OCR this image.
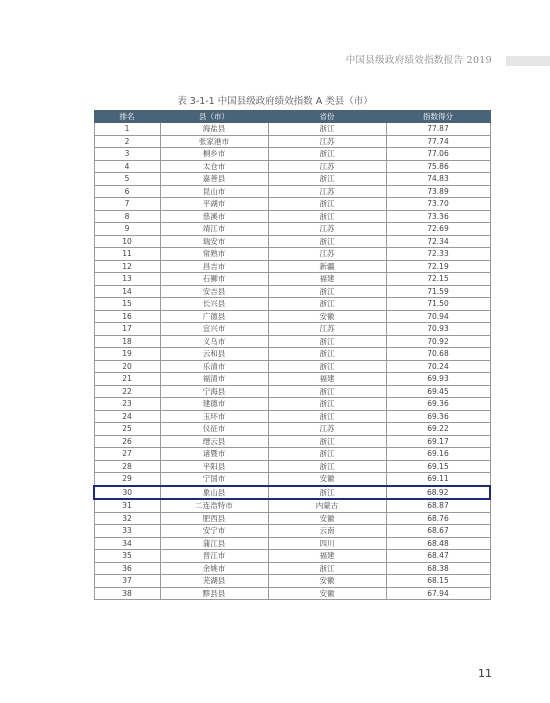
中国县级政府绩效指数报告 2019
表 3-1-1 中国县级政府绩效指数 A 类县（市）
排名	县（市）	省份	指数得分
1	海盐县	浙江	77.87
2	张家港市	江苏	77.74
3	桐乡市	浙江	77.06
4	太仓市	江苏	75.86
5	嘉善县	浙江	74.83
6	昆山市	江苏	73.89
7	平湖市	浙江	73.70
8	慈溪市	浙江	73.36
9	靖江市	江苏	72.69
10	瑞安市	浙江	72.34
11	常熟市	江苏	72.33
12	昌吉市	新疆	72.19
13	石狮市	福建	72.15
14	安吉县	浙江	71.59
15	长兴县	浙江	71.50
16	广德县	安徽	70.94
17	宜兴市	江苏	70.93
18	义乌市	浙江	70.92
19	云和县	浙江	70.68
20	乐清市	浙江	70.24
21	福清市	福建	69.93
22	宁海县	浙江	69.45
23	建德市	浙江	69.36
24	玉环市	浙江	69.36
25	仪征市	江苏	69.22
26	缙云县	浙江	69.17
27	诸暨市	浙江	69.16
28	平阳县	浙江	69.15
29	宁国市	安徽	69.11
30	象山县	浙江	68.92
31	二连浩特市	内蒙古	68.87
32	肥西县	安徽	68.76
33	安宁市	云南	68.67
34	蒲江县	四川	68.48
35	晋江市	福建	68.47
36	余姚市	浙江	68.38
37	芜湖县	安徽	68.15
38	黟县县	安徽	67.94
11
